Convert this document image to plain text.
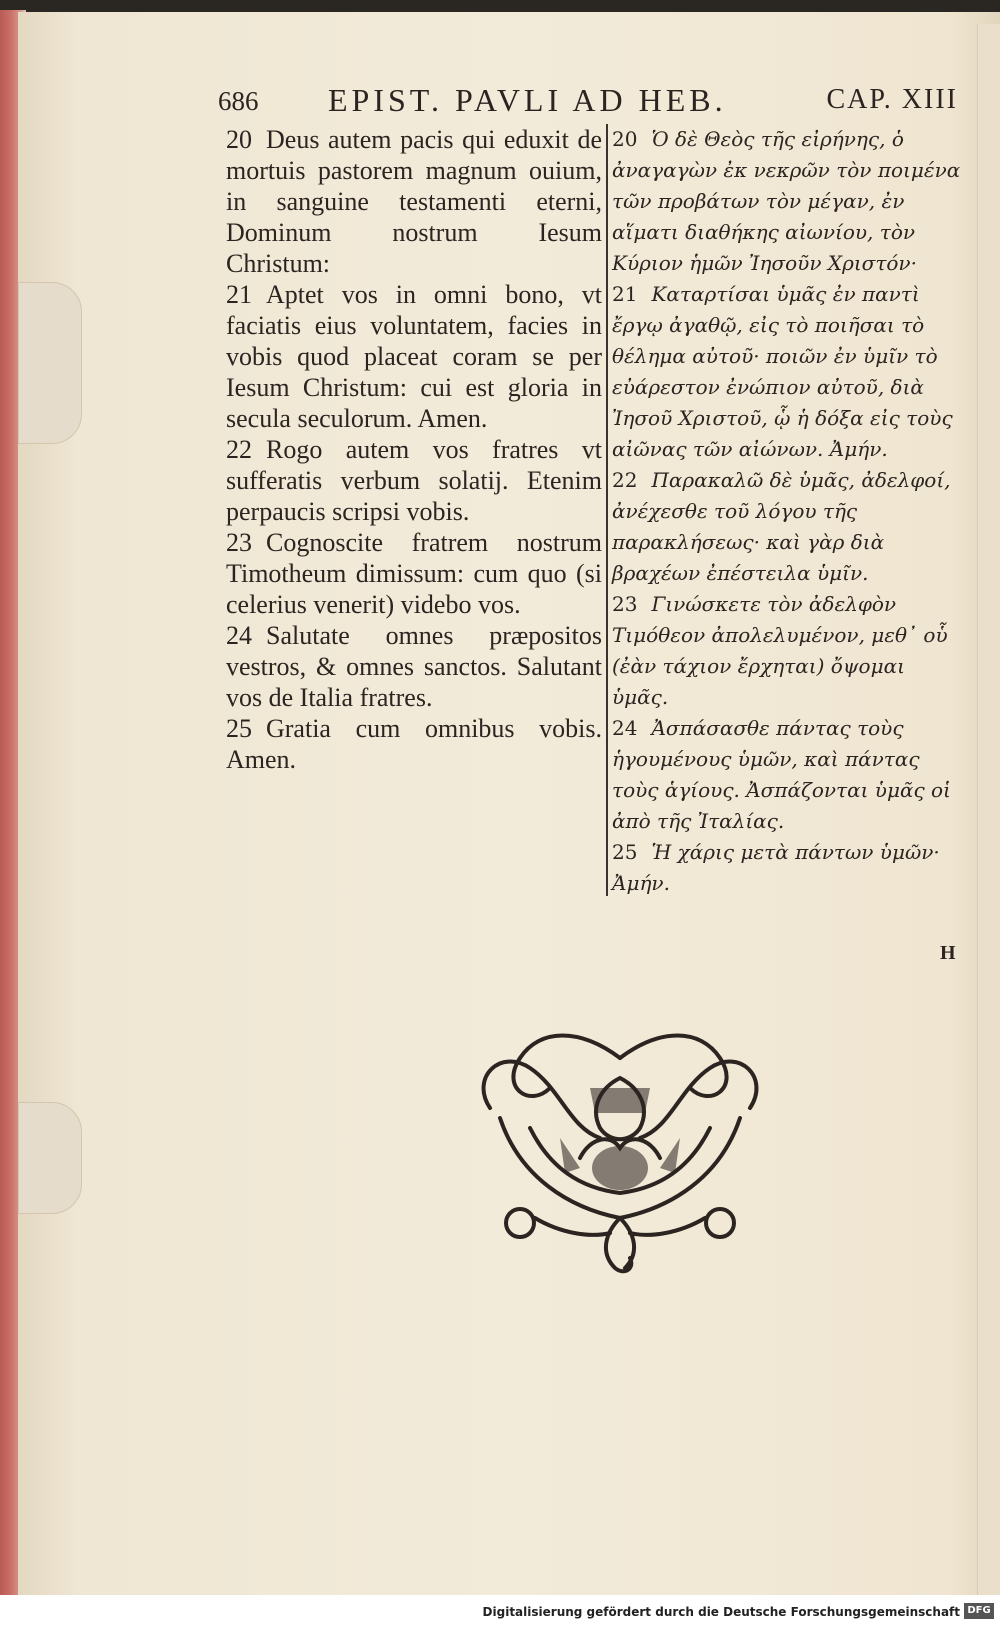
686 EPIST. PAVLI AD HEB.	CAP. XIII

20 Deus autem pacis qui eduxit de mortuis pastorem magnum ouium, in sanguine testamenti eterni, Dominum nostrum Iesum Christum:

21 Aptet vos in omni bono, vt faciatis eius voluntatem, facies in vobis quod placeat coram se per Iesum Christum: cui est gloria in secula seculorum. Amen.

22 Rogo autem vos fratres vt sufferatis verbum solatij. Etenim perpaucis scripsi vobis.

23 Cognoscite fratrem nostrum Timotheum dimissum: cum quo (si celerius venerit) videbo vos.

24 Salutate omnes præpositos vestros, & omnes sanctos. Salutant vos de Italia fratres.

25 Gratia cum omnibus vobis. Amen.

20 Ὁ δὲ Θεὸς τῆς εἰρήνης, ὁ ἀναγαγὼν ἐκ νεκρῶν τὸν ποιμένα τῶν προβάτων τὸν μέγαν, ἐν αἵματι διαθήκης αἰωνίου, τὸν Κύριον ἡμῶν Ἰησοῦν Χριστόν·

21 Καταρτίσαι ὑμᾶς ἐν παντὶ ἔργῳ ἀγαθῷ, εἰς τὸ ποιῆσαι τὸ θέλημα αὐτοῦ· ποιῶν ἐν ὑμῖν τὸ εὐάρεστον ἐνώπιον αὐτοῦ, διὰ Ἰησοῦ Χριστοῦ, ᾧ ἡ δόξα εἰς τοὺς αἰῶνας τῶν αἰώνων. Ἀμήν.

22 Παρακαλῶ δὲ ὑμᾶς, ἀδελφοί, ἀνέχεσθε τοῦ λόγου τῆς παρακλήσεως· καὶ γὰρ διὰ βραχέων ἐπέστειλα ὑμῖν.

23 Γινώσκετε τὸν ἀδελφὸν Τιμόθεον ἀπολελυμένον, μεθ᾽ οὗ (ἐὰν τάχιον ἔρχηται) ὄψομαι ὑμᾶς.

24 Ἀσπάσασθε πάντας τοὺς ἡγουμένους ὑμῶν, καὶ πάντας τοὺς ἁγίους. Ἀσπάζονται ὑμᾶς οἱ ἀπὸ τῆς Ἰταλίας.

25 Ἡ χάρις μετὰ πάντων ὑμῶν· Ἀμήν.

H
Digitalisierung gefördert durch die Deutsche Forschungsgemeinschaft DFG
